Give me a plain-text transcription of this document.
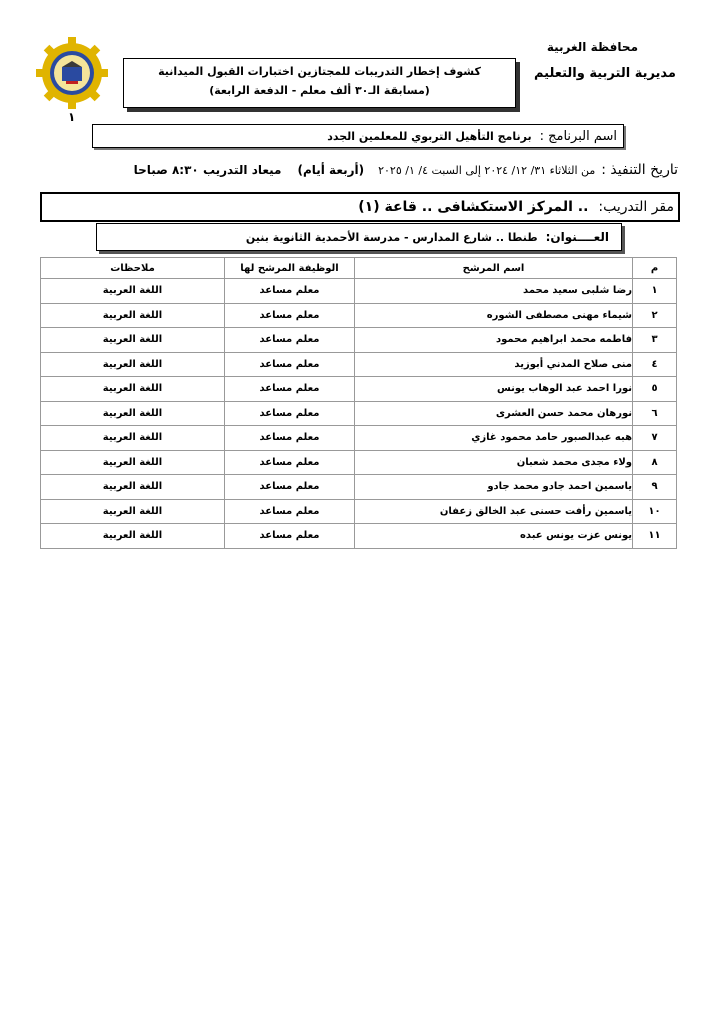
محافظة الغربية
مديرية التربية والتعليم
كشوف إخطار التدريبات للمجتازين اختبارات القبول الميدانية
(مسابقة الـ٣٠ ألف معلم - الدفعة الرابعة)
١
اسم البرنامج :
برنامج التأهيل التربوي للمعلمين الجدد
تاريخ التنفيذ :
من الثلاثاء ٣١/ ١٢/ ٢٠٢٤ إلى السبت ٤/ ١/ ٢٠٢٥
(أربعة أيام)
ميعاد التدريب ٨:٣٠ صباحا
مقر التدريب:
.. المركز الاستكشافى .. قاعة (١)
العــــنوان:
طنطا .. شارع المدارس - مدرسة الأحمدية الثانوية بنين
م	اسم المرشح	الوظيفة المرشح لها	ملاحظات
١	رضا شلبى سعيد محمد	معلم مساعد	اللغة العربية
٢	شيماء مهنى مصطفى الشوره	معلم مساعد	اللغة العربية
٣	فاطمه محمد ابراهيم محمود	معلم مساعد	اللغة العربية
٤	منى صلاح المدني أبوزيد	معلم مساعد	اللغة العربية
٥	نورا احمد عبد الوهاب يونس	معلم مساعد	اللغة العربية
٦	نورهان محمد حسن العشرى	معلم مساعد	اللغة العربية
٧	هبه عبدالصبور حامد محمود غازي	معلم مساعد	اللغة العربية
٨	ولاء مجدى محمد شعبان	معلم مساعد	اللغة العربية
٩	ياسمين احمد جادو محمد جادو	معلم مساعد	اللغة العربية
١٠	ياسمين رأفت حسنى عبد الخالق زعفان	معلم مساعد	اللغة العربية
١١	يونس عزت يونس عبده	معلم مساعد	اللغة العربية
